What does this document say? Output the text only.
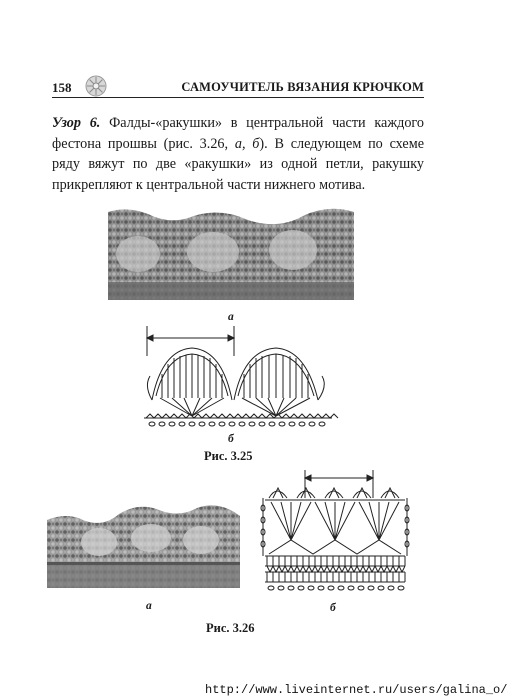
158	САМОУЧИТЕЛЬ ВЯЗАНИЯ КРЮЧКОМ
Узор 6. Фалды-«ракушки» в центральной части каждого фестона прошвы (рис. 3.26, а, б). В следующем по схеме ряду вяжут по две «ракушки» из одной петли, ракушку прикрепляют к центральной части нижнего мотива.
а
б
Рис. 3.25
а	б
Рис. 3.26
http://www.liveinternet.ru/users/galina_o/
